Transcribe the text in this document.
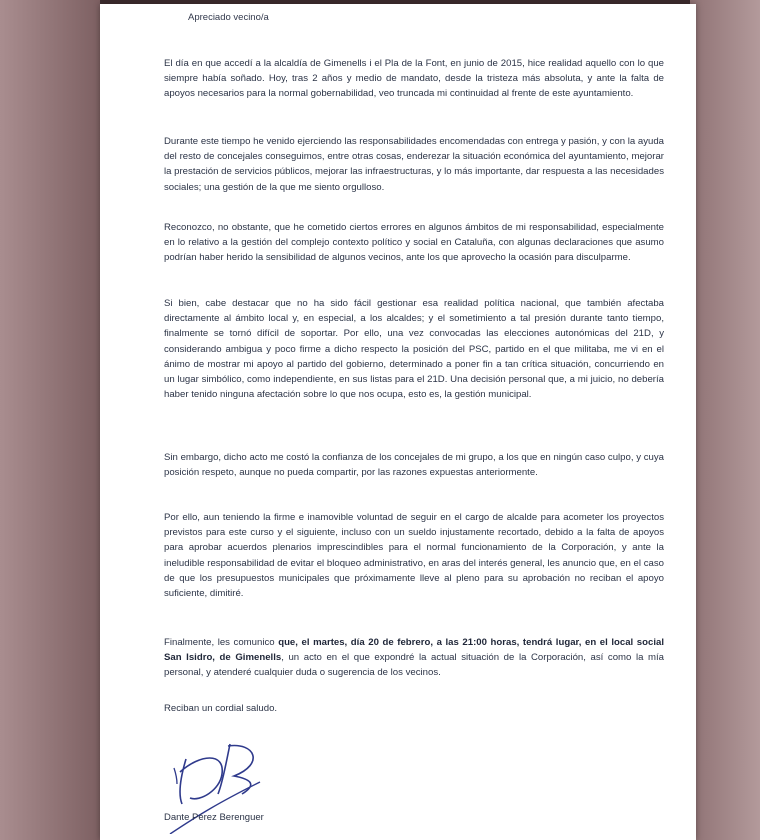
Apreciado vecino/a

El día en que accedí a la alcaldía de Gimenells i el Pla de la Font, en junio de 2015, hice realidad aquello con lo que siempre había soñado. Hoy, tras 2 años y medio de mandato, desde la tristeza más absoluta, y ante la falta de apoyos necesarios para la normal gobernabilidad, veo truncada mi continuidad al frente de este ayuntamiento.

Durante este tiempo he venido ejerciendo las responsabilidades encomendadas con entrega y pasión, y con la ayuda del resto de concejales conseguimos, entre otras cosas, enderezar la situación económica del ayuntamiento, mejorar la prestación de servicios públicos, mejorar las infraestructuras, y lo más importante, dar respuesta a las necesidades sociales; una gestión de la que me siento orgulloso.

Reconozco, no obstante, que he cometido ciertos errores en algunos ámbitos de mi responsabilidad, especialmente en lo relativo a la gestión del complejo contexto político y social en Cataluña, con algunas declaraciones que asumo podrían haber herido la sensibilidad de algunos vecinos, ante los que aprovecho la ocasión para disculparme.

Si bien, cabe destacar que no ha sido fácil gestionar esa realidad política nacional, que también afectaba directamente al ámbito local y, en especial, a los alcaldes; y el sometimiento a tal presión durante tanto tiempo, finalmente se tornó difícil de soportar. Por ello, una vez convocadas las elecciones autonómicas del 21D, y considerando ambigua y poco firme a dicho respecto la posición del PSC, partido en el que militaba, me vi en el ánimo de mostrar mi apoyo al partido del gobierno, determinado a poner fin a tan crítica situación, concurriendo en un lugar simbólico, como independiente, en sus listas para el 21D. Una decisión personal que, a mi juicio, no debería haber tenido ninguna afectación sobre lo que nos ocupa, esto es, la gestión municipal.

Sin embargo, dicho acto me costó la confianza de los concejales de mi grupo, a los que en ningún caso culpo, y cuya posición respeto, aunque no pueda compartir, por las razones expuestas anteriormente.

Por ello, aun teniendo la firme e inamovible voluntad de seguir en el cargo de alcalde para acometer los proyectos previstos para este curso y el siguiente, incluso con un sueldo injustamente recortado, debido a la falta de apoyos para aprobar acuerdos plenarios imprescindibles para el normal funcionamiento de la Corporación, y ante la ineludible responsabilidad de evitar el bloqueo administrativo, en aras del interés general, les anuncio que, en el caso de que los presupuestos municipales que próximamente lleve al pleno para su aprobación no reciban el apoyo suficiente, dimitiré.

Finalmente, les comunico que, el martes, día 20 de febrero, a las 21:00 horas, tendrá lugar, en el local social San Isidro, de Gimenells, un acto en el que expondré la actual situación de la Corporación, así como la mía personal, y atenderé cualquier duda o sugerencia de los vecinos.

Reciban un cordial saludo.

Dante Pérez Berenguer
